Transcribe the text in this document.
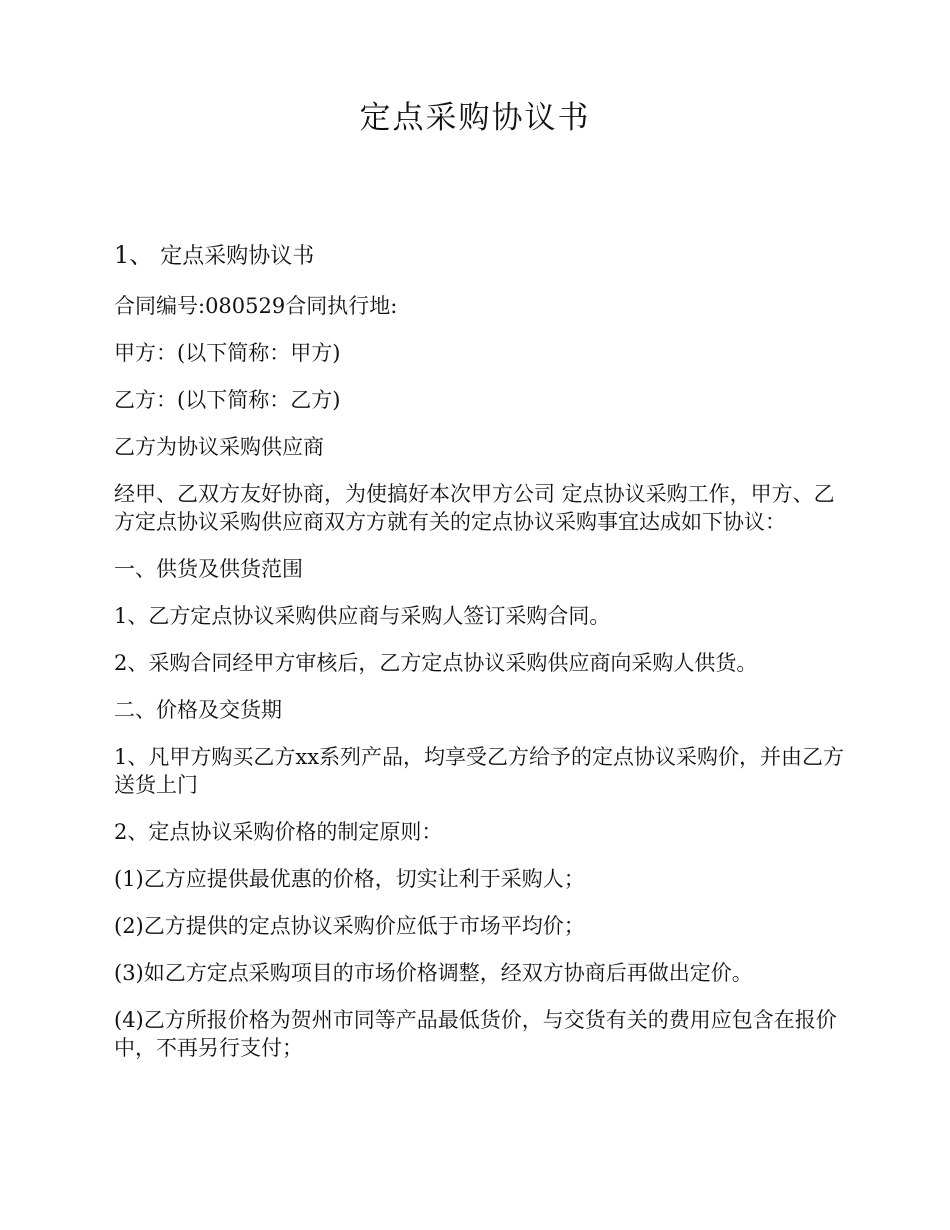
定点采购协议书
1、 定点采购协议书

合同编号:080529合同执行地:

甲方：(以下简称：甲方)

乙方：(以下简称：乙方)

乙方为协议采购供应商

经甲、乙双方友好协商，为使搞好本次甲方公司 定点协议采购工作，甲方、乙方定点协议采购供应商双方方就有关的定点协议采购事宜达成如下协议：

一、供货及供货范围

1、乙方定点协议采购供应商与采购人签订采购合同。

2、采购合同经甲方审核后，乙方定点协议采购供应商向采购人供货。

二、价格及交货期

1、凡甲方购买乙方xx系列产品，均享受乙方给予的定点协议采购价，并由乙方送货上门

2、定点协议采购价格的制定原则：

(1)乙方应提供最优惠的价格，切实让利于采购人；

(2)乙方提供的定点协议采购价应低于市场平均价；

(3)如乙方定点采购项目的市场价格调整，经双方协商后再做出定价。

(4)乙方所报价格为贺州市同等产品最低货价，与交货有关的费用应包含在报价中，不再另行支付；
